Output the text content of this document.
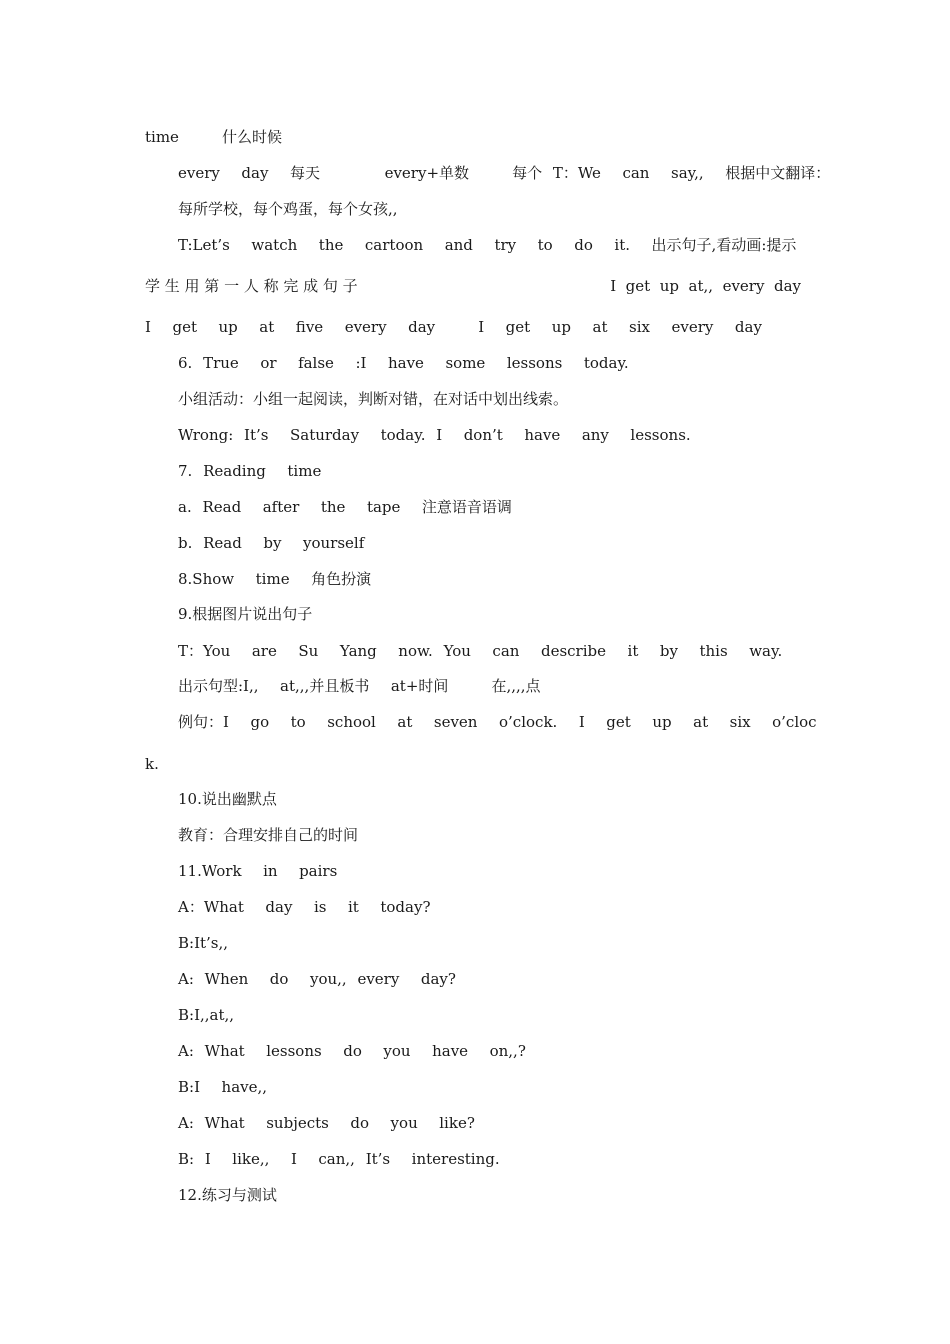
time    什么时候
every  day  每天      every+单数    每个 T：We  can  say,,  根据中文翻译：
每所学校，每个鸡蛋，每个女孩,,
T:Let’s  watch  the  cartoon  and  try  to  do  it.  出示句子,看动画:提示
学 生 用 第 一 人 称 完 成 句 子	I  get  up  at,,  every  day
I  get  up  at  five  every  day    I  get  up  at  six  every  day
6. True  or  false  :I  have  some  lessons  today.
小组活动：小组一起阅读，判断对错，在对话中划出线索。
Wrong: It’s  Saturday  today. I  don’t  have  any  lessons.
7. Reading  time
a. Read  after  the  tape  注意语音语调
b. Read  by  yourself
8.Show  time  角色扮演
9.根据图片说出句子
T：You  are  Su  Yang  now. You  can  describe  it  by  this  way.
出示句型:I,,  at,,,并且板书  at+时间    在,,,,点
例句：I  go  to  school  at  seven  o’clock.  I  get  up  at  six  o’cloc
k.
10.说出幽默点
教育：合理安排自己的时间
11.Work  in  pairs
A：What  day  is  it  today?
B:It’s,,
A: When  do  you,, every  day?
B:I,,at,,
A: What  lessons  do  you  have  on,,?
B:I  have,,
A: What  subjects  do  you  like?
B: I  like,,  I  can,, It’s  interesting.
12.练习与测试
